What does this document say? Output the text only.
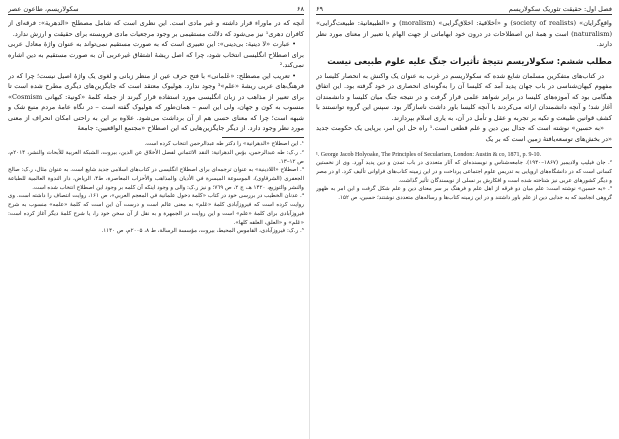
فصل اول: حقیقت تئوریک سکولاریسم
۶۹

واقع‌گرایان» (society of realists) و «اَخلاقیة: اخلاق‌گرایی» (moralism) و «الطبیعانیة: طبیعت‌گرایی» (naturalism) است و همهٔ این اصطلاحات در درون خود ابهاماتی از جهت الهام یا تعبیر از معنای مورد نظر دارند.

مطلب ششم: سکولاریسم نتیجهٔ تأثیرات جنگ علیه علوم طبیعی نیست

در کتاب‌های متفکرین مسلمان شایع شده که سکولاریسم در غرب به عنوان یک واکنش به انحصار کلیسا در مفهوم کیهان‌شناسی در باب جهان پدید آمد که کلیسا آن را به‌گونه‌ای انحصاری در خود گرفته بود. این اتفاق هنگامی بود که آموزه‌های کلیسا در برابر شواهد علمی قرار گرفت و در نتیجه جنگ میان کلیسا و دانشمندان آغاز شد؛ و آنچه دانشمندان ارائه می‌کردند با آنچه کلیسا باور داشت ناسازگار بود. سپس این گروه توانستند با کشف قوانین طبیعت و تکیه بر تجربه و عقل و تأمل در آن، به یاری اسلام بپردازند.

«به حسین» نوشته است که جدال بین دین و علم قطعی است.¹ راه حل این امر، برپایی یک حکومت جدید «در بخش‌های توسعه‌یافتهٔ زمین است که بر یک

¹. George Jacob Holyoake, The Principles of Secularism, London: Austin & co, 1871, p. 9-10.

². جان فیلیپ ولادیمیر (۱۸۶۷–۱۹۴۰). جامعه‌شناس و نویسنده‌ای که آثار متعددی در باب تمدن و دین پدید آورد. وی از نخستین کسانی است که در دانشگاه‌های اروپایی به تدریس علوم اجتماعی پرداخت و در این زمینه کتاب‌های فراوانی تألیف کرد. او در مصر و دیگر کشورهای عربی نیز شناخته شده است و افکارش بر نسلی از نویسندگان تأثیر گذاشت.

³. «به حسین» نوشته است: علم میان دو فرقه از اهل علم و فرهنگ بر سر معنای دین و علم شکل گرفت و این امر به ظهور گروهی انجامید که به جدایی دین از علم باور داشتند و در این زمینه کتاب‌ها و رساله‌های متعددی نوشتند؛ حسین، ص ۱۵۲.

۶۸
سکولاریسم، طاعون عصر

آنچه که در ماوراء قرار داشته و غیر مادی است. این نظری است که شامل مصطلح «الدهریة»: فرقه‌ای از کافران دهری¹ نیز می‌شود که دلالت مستقیمی بر وجود مرجعیات مادی فرو‌بسته برای حقیقت و ارزش ندارد.

• عبارت «لا دینیة: بی‌دینی»: این تعبیری است که به صورت مستقیم نمی‌تواند به عنوان واژهٔ معادل عربی برای اصطلاح انگلیسی انتخاب شود، چرا که اصل ریشهٔ اشتقاق غیرعربی آن به صورت مستقیم به دین اشاره نمی‌کند.²

• تعریب این مصطلح: «عَلمانی» با فتح حرف عین از منظر زبانی و لغوی یک واژهٔ اصیل نیست؛ چرا که در فرهنگ‌های عربی ریشهٔ «علم»³ وجود ندارد. هولیوک معتقد است که جایگزین‌های دیگری مطرح شده است تا برای تعبیر از مذاهب در زبان انگلیسی مورد استفاده قرار گیرند از جمله کلمهٔ «کونیة: کیهانی Cosmism» منسوب به کون و جهان، ولی این اسم – همان‌طور که هولیوک گفته است – در نگاه عامهٔ مردم منبع شک و شبهه است؛ چرا که معنای حسی هم از آن برداشت می‌شود. علاوه بر این به راحتی امکان انحراف از معنی مورد نظر وجود دارد. از دیگر جایگزین‌هایی که این اصطلاح «مجتمع الواقعیین: جامعهٔ

¹. این اصطلاح «الدهرانیة» را دکتر طه عبدالرحمن انتخاب کرده است.

². ر.ک: طه عبدالرحمن، بؤس الدهرانیة: النقد الائتماني لفصل الأخلاق عن الدين، بيروت، الشبكة العربية للأبحاث والنشر، ٢٠١۴م، ص ١٢–١٣.

³. اصطلاح «اللادینیة» به عنوان ترجمه‌ای برای اصطلاح انگلیسی در کتاب‌های اسلامی جدید شایع است. به عنوان مثال، ر.ک: صالح الجعفری (الشرقاوی)، الموسوعة الميسرة في الأديان والمذاهب والأحزاب المعاصرة، ط۴، الرياض، دار الندوة العالمية للطباعة والنشر والتوزيع، ١۴٢٠ هـ، ج ٢، ص ٧٦٩؛ و نیز ر.ک: والی و وجود اینکه آن کلمه بر وجود این اصطلاح انتخاب شده است.

⁴. عدنان الخطیب در بررسی خود در کتاب «کلمة دخول علمانية في المعجم العربي»، ص ١۶١، روایت انتصاف را داشته است. وی روایت کرده است که فیروزآبادی کلمهٔ «عَلم» به معنی عالم است و درست آن این است که کلمهٔ «علمه» منسوب به شرح فیروزآبادی برای کلمهٔ «علم» است و این روایت در الجمهرة و به نقل از آن سخن خود را، یا شرح کلمهٔ دیگر آغاز کرده است: «عَلم» و «العلق، العلقه کلها».

⁵. ر.ک: فیروزآبادی، القاموس المحیط، بیروت، مؤسسة الرسالة، ط ٨، ٢٠٠۵م، ص ١١۴٠.
